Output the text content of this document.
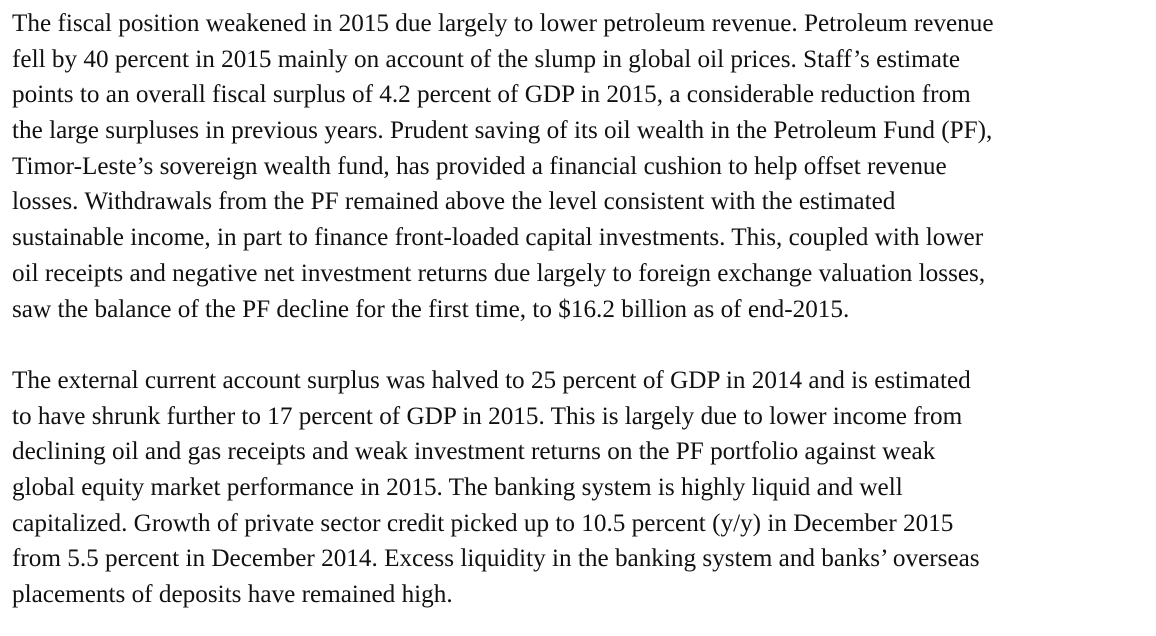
The fiscal position weakened in 2015 due largely to lower petroleum revenue. Petroleum revenue
fell by 40 percent in 2015 mainly on account of the slump in global oil prices. Staff’s estimate
points to an overall fiscal surplus of 4.2 percent of GDP in 2015, a considerable reduction from
the large surpluses in previous years. Prudent saving of its oil wealth in the Petroleum Fund (PF),
Timor-Leste’s sovereign wealth fund, has provided a financial cushion to help offset revenue
losses. Withdrawals from the PF remained above the level consistent with the estimated
sustainable income, in part to finance front-loaded capital investments. This, coupled with lower
oil receipts and negative net investment returns due largely to foreign exchange valuation losses,
saw the balance of the PF decline for the first time, to $16.2 billion as of end-2015.
The external current account surplus was halved to 25 percent of GDP in 2014 and is estimated
to have shrunk further to 17 percent of GDP in 2015. This is largely due to lower income from
declining oil and gas receipts and weak investment returns on the PF portfolio against weak
global equity market performance in 2015. The banking system is highly liquid and well
capitalized. Growth of private sector credit picked up to 10.5 percent (y/y) in December 2015
from 5.5 percent in December 2014. Excess liquidity in the banking system and banks’ overseas
placements of deposits have remained high.
